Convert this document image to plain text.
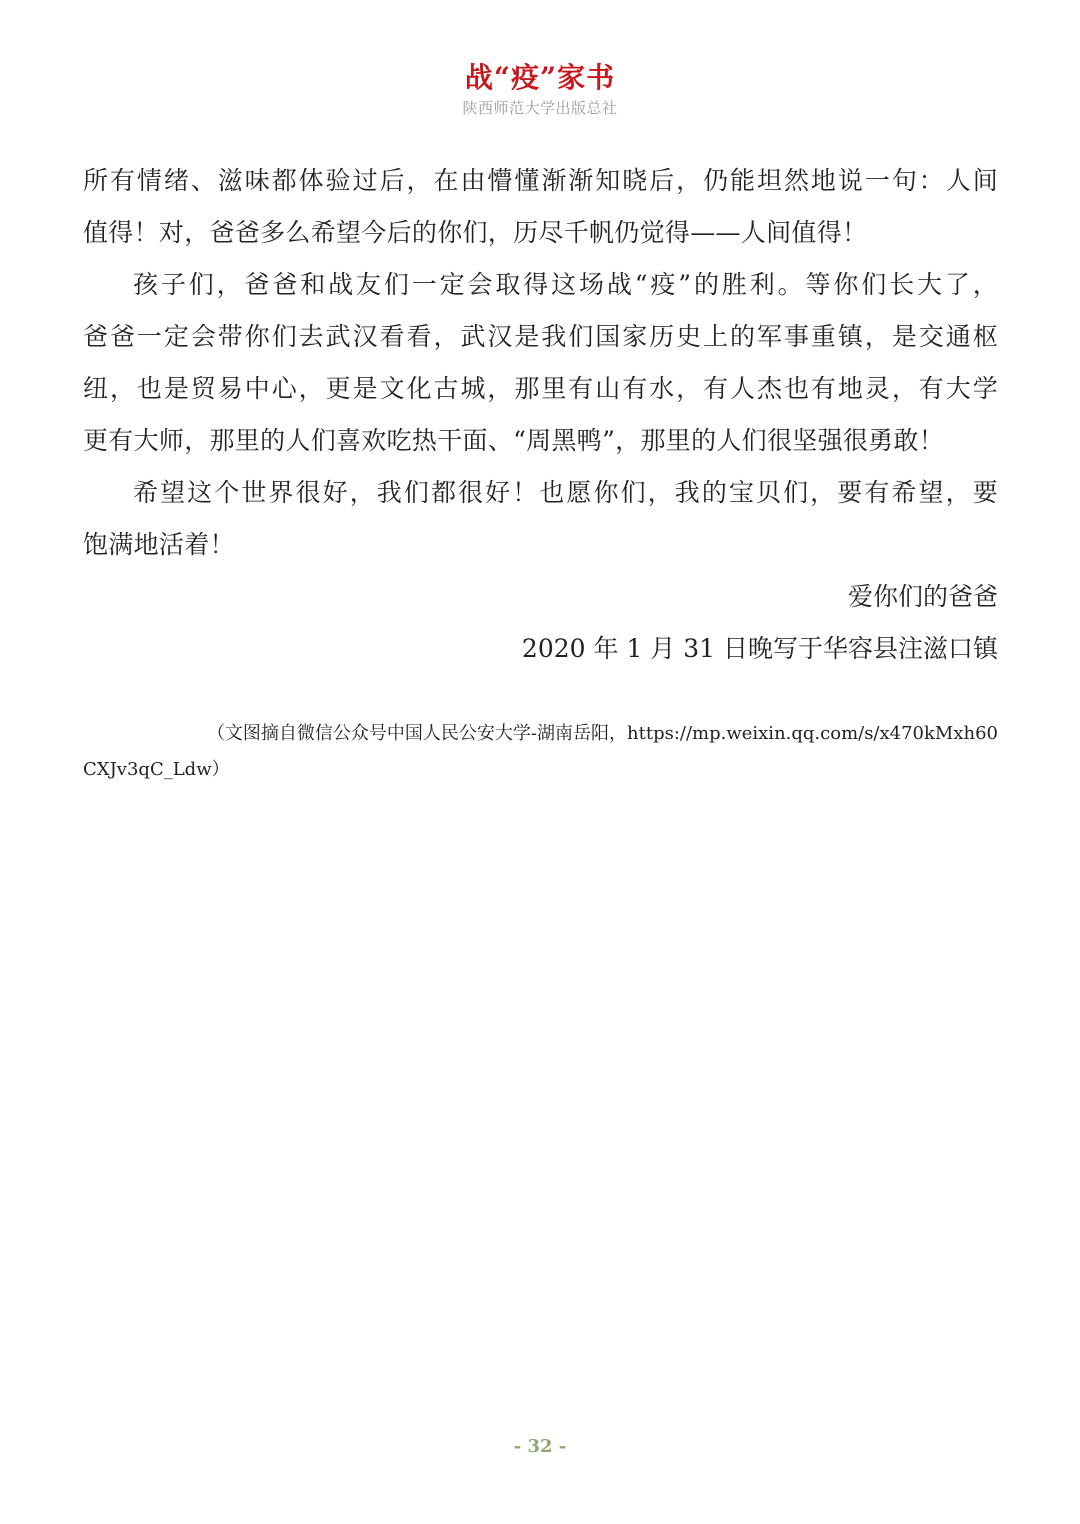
战“疫”家书
陕西师范大学出版总社

所有情绪、滋味都体验过后，在由懵懂渐渐知晓后，仍能坦然地说一句：人间
值得！对，爸爸多么希望今后的你们，历尽千帆仍觉得——人间值得！

孩子们，爸爸和战友们一定会取得这场战“疫”的胜利。等你们长大了，
爸爸一定会带你们去武汉看看，武汉是我们国家历史上的军事重镇，是交通枢
纽，也是贸易中心，更是文化古城，那里有山有水，有人杰也有地灵，有大学
更有大师，那里的人们喜欢吃热干面、“周黑鸭”，那里的人们很坚强很勇敢！

希望这个世界很好，我们都很好！也愿你们，我的宝贝们，要有希望，要
饱满地活着！

爱你们的爸爸

2020 年 1 月 31 日晚写于华容县注滋口镇

（文图摘自微信公众号中国人民公安大学-湖南岳阳，https://mp.weixin.qq.com/s/x470kMxh60
CXJv3qC_Ldw）
- 32 -
